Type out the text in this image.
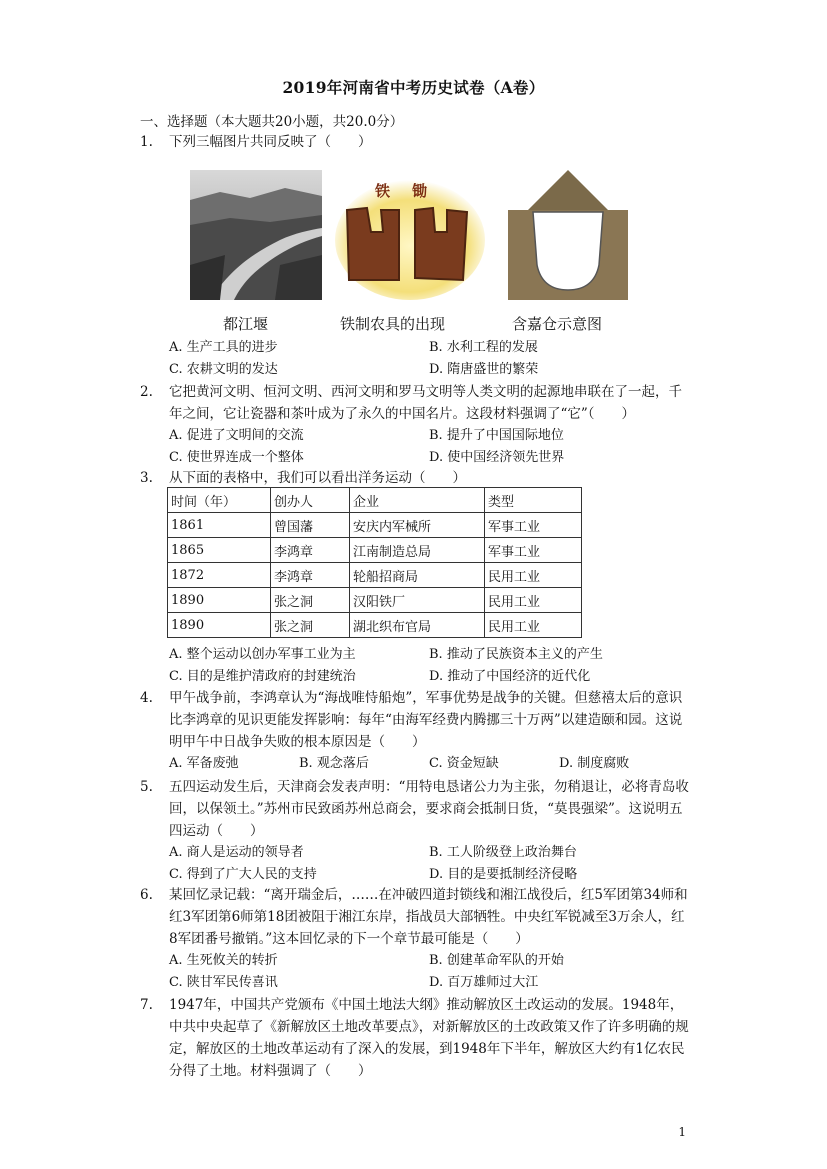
2019年河南省中考历史试卷（A卷）
一、选择题（本大题共20小题，共20.0分）
1.	下列三幅图片共同反映了（　　）
都江堰
铁锄
铁制农具的出现	含嘉仓示意图
A. 生产工具的进步	B. 水利工程的发展
C. 农耕文明的发达	D. 隋唐盛世的繁荣
2.	它把黄河文明、恒河文明、西河文明和罗马文明等人类文明的起源地串联在了一起，千年之间，它让瓷器和茶叶成为了永久的中国名片。这段材料强调了“它”（　　）
A. 促进了文明间的交流	B. 提升了中国国际地位
C. 使世界连成一个整体	D. 使中国经济领先世界
3.	从下面的表格中，我们可以看出洋务运动（　　）
时间（年）	创办人	企业	类型
1861	曾国藩	安庆内军械所	军事工业
1865	李鸿章	江南制造总局	军事工业
1872	李鸿章	轮船招商局	民用工业
1890	张之洞	汉阳铁厂	民用工业
1890	张之洞	湖北织布官局	民用工业
A. 整个运动以创办军事工业为主	B. 推动了民族资本主义的产生
C. 目的是维护清政府的封建统治	D. 推动了中国经济的近代化
4.	甲午战争前，李鸿章认为“海战唯恃船炮”，军事优势是战争的关键。但慈禧太后的意识比李鸿章的见识更能发挥影响：每年“由海军经费内腾挪三十万两”以建造颐和园。这说明甲午中日战争失败的根本原因是（　　）
A. 军备废弛	B. 观念落后	C. 资金短缺	D. 制度腐败
5.	五四运动发生后，天津商会发表声明：“用特电恳诸公力为主张，勿稍退让，必将青岛收回，以保领土。”苏州市民致函苏州总商会，要求商会抵制日货，“莫畏强梁”。这说明五四运动（　　）
A. 商人是运动的领导者	B. 工人阶级登上政治舞台
C. 得到了广大人民的支持	D. 目的是要抵制经济侵略
6.	某回忆录记载：“离开瑞金后，……在冲破四道封锁线和湘江战役后，红5军团第34师和红3军团第6师第18团被阻于湘江东岸，指战员大部牺牲。中央红军锐减至3万余人，红8军团番号撤销。”这本回忆录的下一个章节最可能是（　　）
A. 生死攸关的转折	B. 创建革命军队的开始
C. 陕甘军民传喜讯	D. 百万雄师过大江
7.	1947年，中国共产党颁布《中国土地法大纲》推动解放区土改运动的发展。1948年，中共中央起草了《新解放区土地改革要点》，对新解放区的土改政策又作了许多明确的规定，解放区的土地改革运动有了深入的发展，到1948年下半年，解放区大约有1亿农民分得了土地。材料强调了（　　）
1
